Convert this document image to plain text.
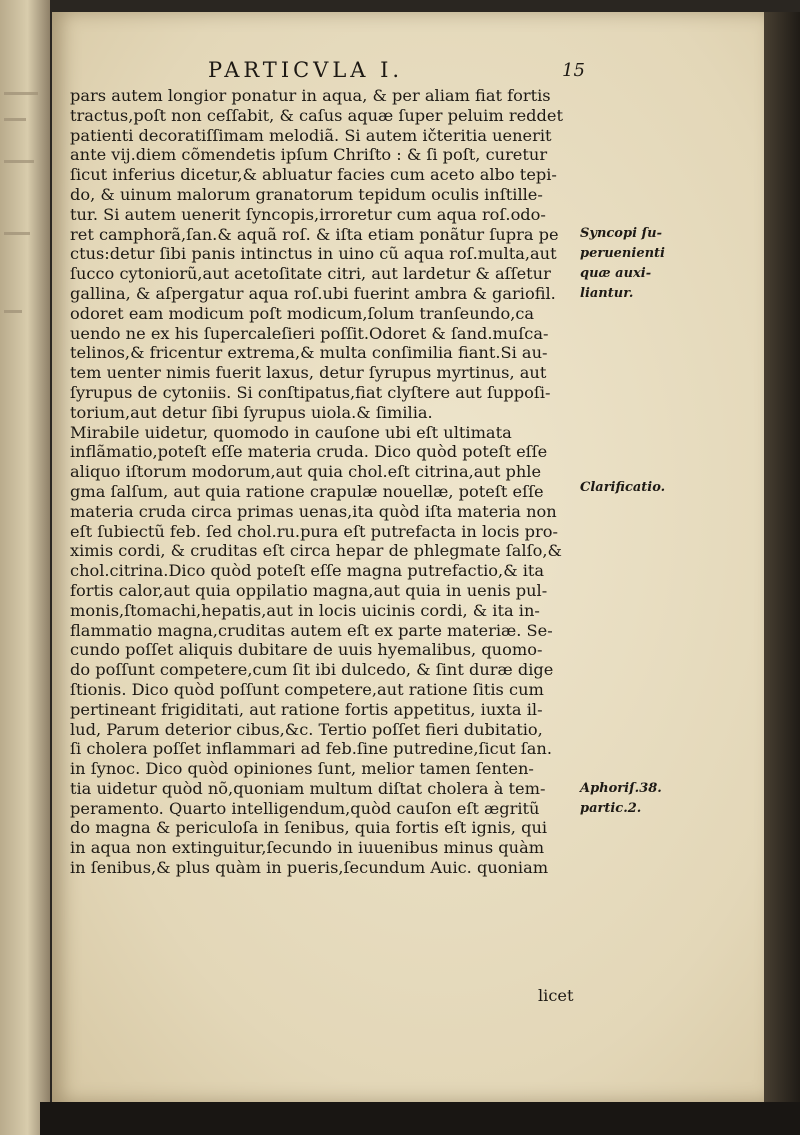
PARTICVLA I.	15
pars autem longior ponatur in aqua, & per aliam fiat fortis
tractus,poſt non ceſſabit, & caſus aquæ ſuper peluim reddet
patienti decoratiſſimam melodiã. Si autem ičteritia uenerit
ante vij.diem cõmendetis ipſum Chriſto : & ſi poſt, curetur
ſicut inferius dicetur,& abluatur facies cum aceto albo tepi-
do, & uinum malorum granatorum tepidum oculis inſtille-
tur. Si autem uenerit ſyncopis,irroretur cum aqua roſ.odo-
ret camphorã,ſan.& aquã roſ. & iſta etiam ponãtur ſupra pe
ctus:detur ſibi panis intinctus in uino cũ aqua roſ.multa,aut
ſucco cytoniorũ,aut acetoſitate citri, aut lardetur & aſſetur
gallina, & aſpergatur aqua roſ.ubi fuerint ambra & gariofil.
odoret eam modicum poſt modicum,ſolum tranſeundo,ca
uendo ne ex his ſupercaleſieri poſſit.Odoret & ſand.muſca-
telinos,& fricentur extrema,& multa conſimilia fiant.Si au-
tem uenter nimis fuerit laxus, detur ſyrupus myrtinus, aut
ſyrupus de cytoniis. Si conſtipatus,fiat clyſtere aut ſuppoſi-
torium,aut detur ſibi ſyrupus uiola.& ſimilia.
Mirabile uidetur, quomodo in cauſone ubi eſt ultimata
inflãmatio,poteſt eſſe materia cruda. Dico quòd poteſt eſſe
aliquo iſtorum modorum,aut quia chol.eſt citrina,aut phle
gma ſalſum, aut quia ratione crapulæ nouellæ, poteſt eſſe
materia cruda circa primas uenas,ita quòd iſta materia non
eſt ſubiectũ feb. ſed chol.ru.pura eſt putrefacta in locis pro-
ximis cordi, & cruditas eſt circa hepar de phlegmate ſalſo,&
chol.citrina.Dico quòd poteſt eſſe magna putrefactio,& ita
fortis calor,aut quia oppilatio magna,aut quia in uenis pul-
monis,ſtomachi,hepatis,aut in locis uicinis cordi, & ita in-
flammatio magna,cruditas autem eſt ex parte materiæ. Se-
cundo poſſet aliquis dubitare de uuis hyemalibus, quomo-
do poſſunt competere,cum ſit ibi dulcedo, & ſint duræ dige
ſtionis. Dico quòd poſſunt competere,aut ratione ſitis cum
pertineant frigiditati, aut ratione fortis appetitus, iuxta il-
lud, Parum deterior cibus,&c. Tertio poſſet fieri dubitatio,
ſi cholera poſſet inflammari ad feb.ſine putredine,ſicut ſan.
in ſynoc. Dico quòd opiniones ſunt, melior tamen ſenten-
tia uidetur quòd nõ,quoniam multum diſtat cholera à tem-
peramento. Quarto intelligendum,quòd cauſon eſt ægritũ
do magna & periculoſa in ſenibus, quia fortis eſt ignis, qui
in aqua non extinguitur,ſecundo in iuuenibus minus quàm
in ſenibus,& plus quàm in pueris,ſecundum Auic. quoniam
Syncopi ſu-
peruenienti
quæ auxi-
liantur.
Clarificatio.
Aphoriſ.38.
partic.2.
licet
